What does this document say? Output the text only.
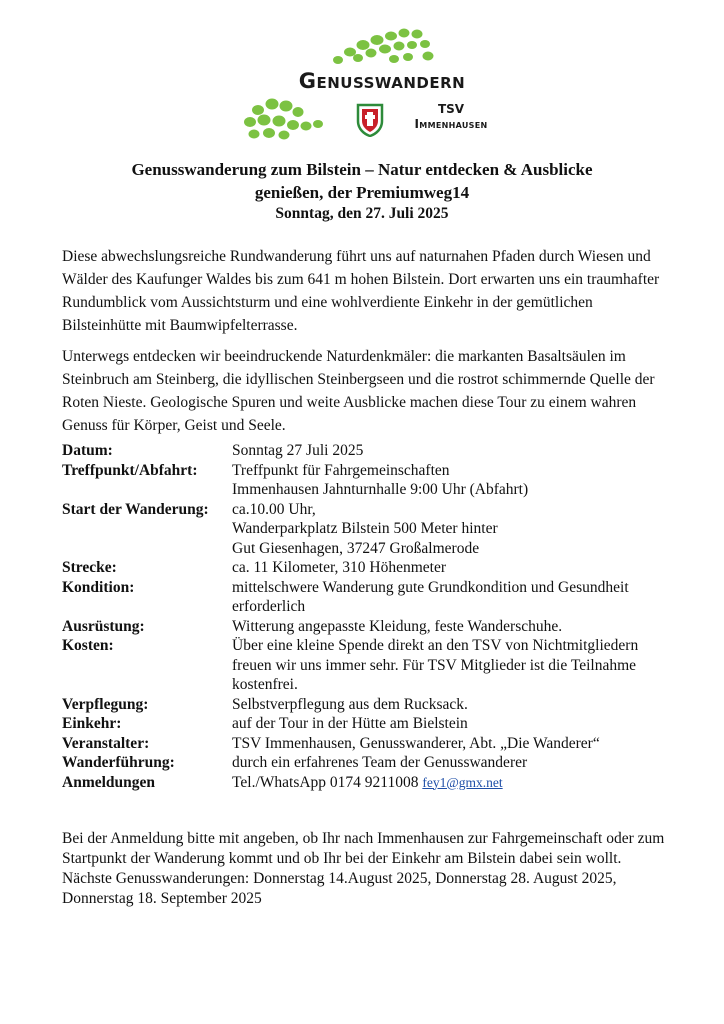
Genusswandern
TSV
Immenhausen
Genusswanderung zum Bilstein – Natur entdecken & Ausblicke
genießen, der Premiumweg14
Sonntag, den 27. Juli 2025
Diese abwechslungsreiche Rundwanderung führt uns auf naturnahen Pfaden durch Wiesen und Wälder des Kaufunger Waldes bis zum 641 m hohen Bilstein. Dort erwarten uns ein traumhafter Rundumblick vom Aussichtsturm und eine wohlverdiente Einkehr in der gemütlichen Bilsteinhütte mit Baumwipfelterrasse.
Unterwegs entdecken wir beeindruckende Naturdenkmäler: die markanten Basaltsäulen im Steinbruch am Steinberg, die idyllischen Steinbergseen und die rostrot schimmernde Quelle der Roten Nieste. Geologische Spuren und weite Ausblicke machen diese Tour zu einem wahren Genuss für Körper, Geist und Seele.
Datum:	Sonntag 27 Juli 2025
Treffpunkt/Abfahrt:	Treffpunkt für Fahrgemeinschaften
Immenhausen Jahnturnhalle 9:00 Uhr (Abfahrt)
Start der Wanderung:	ca.10.00 Uhr,
Wanderparkplatz Bilstein 500 Meter hinter
Gut Giesenhagen, 37247 Großalmerode
Strecke:	ca. 11 Kilometer, 310 Höhenmeter
Kondition:	mittelschwere Wanderung gute Grundkondition und Gesundheit
erforderlich
Ausrüstung:	Witterung angepasste Kleidung, feste Wanderschuhe.
Kosten:	Über eine kleine Spende direkt an den TSV von Nichtmitgliedern
freuen wir uns immer sehr. Für TSV Mitglieder ist die Teilnahme
kostenfrei.
Verpflegung:	Selbstverpflegung aus dem Rucksack.
Einkehr:	auf der Tour in der Hütte am Bielstein
Veranstalter:	TSV Immenhausen, Genusswanderer, Abt. „Die Wanderer“
Wanderführung:	durch ein erfahrenes Team der Genusswanderer
Anmeldungen	Tel./WhatsApp 0174 9211008 fey1@gmx.net
Bei der Anmeldung bitte mit angeben, ob Ihr nach Immenhausen zur Fahrgemeinschaft oder zum Startpunkt der Wanderung kommt und ob Ihr bei der Einkehr am Bilstein dabei sein wollt.
Nächste Genusswanderungen: Donnerstag 14.August 2025, Donnerstag 28. August 2025, Donnerstag 18. September 2025
